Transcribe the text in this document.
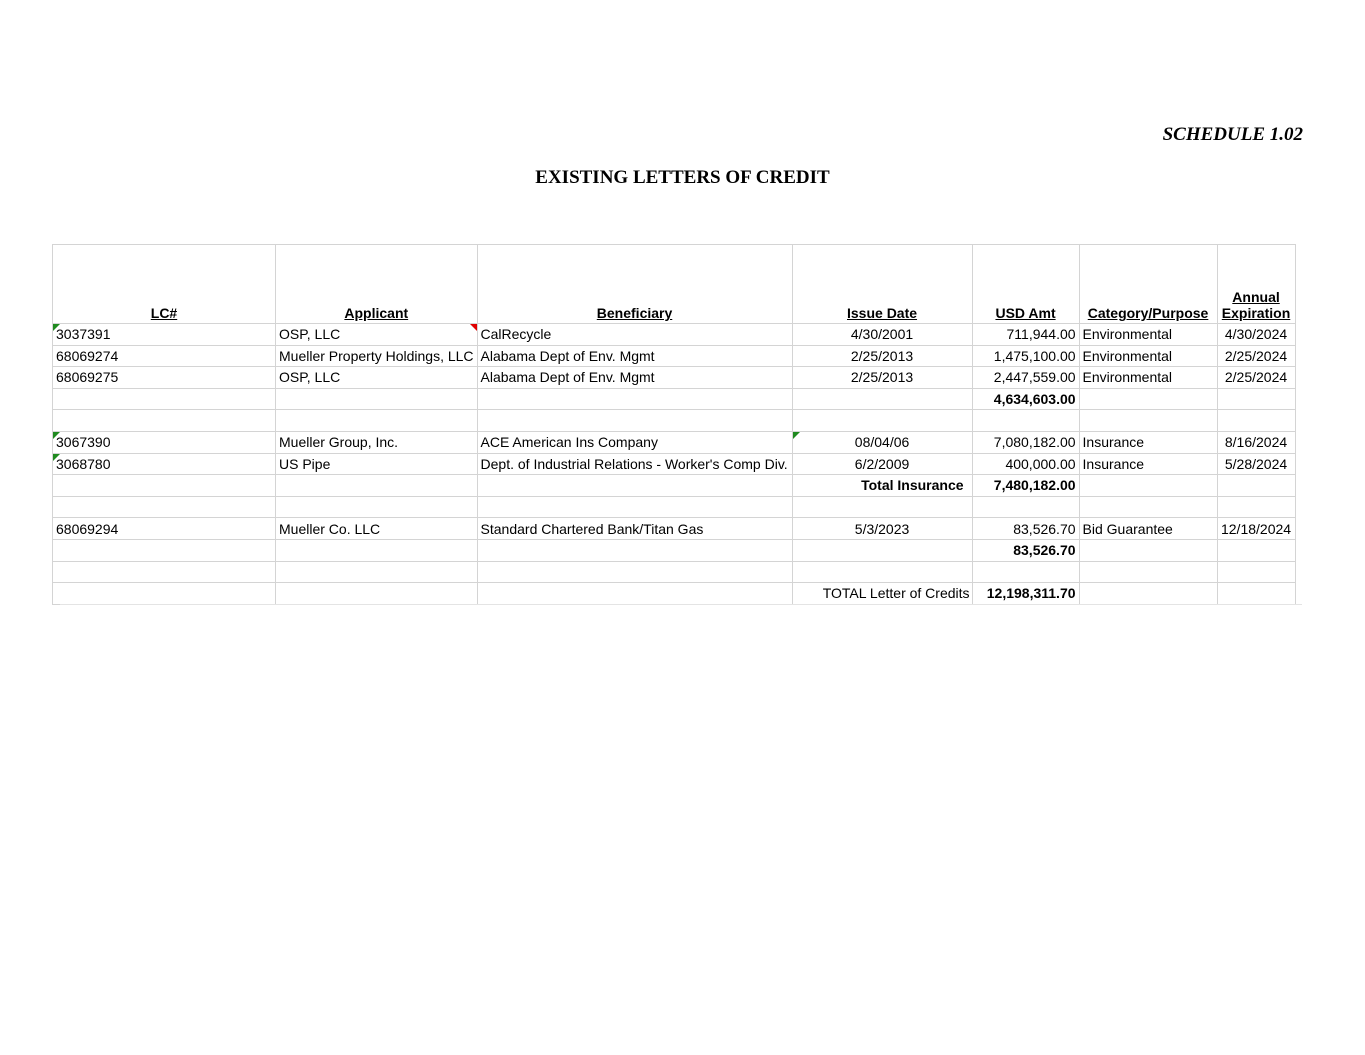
SCHEDULE 1.02
EXISTING LETTERS OF CREDIT
LC#	Applicant	Beneficiary	Issue Date	USD Amt	Category/Purpose	Annual
Expiration

3037391	OSP, LLC	CalRecycle	4/30/2001	711,944.00	Environmental	4/30/2024
68069274	Mueller Property Holdings, LLC	Alabama Dept of Env. Mgmt	2/25/2013	1,475,100.00	Environmental	2/25/2024
68069275	OSP, LLC	Alabama Dept of Env. Mgmt	2/25/2013	2,447,559.00	Environmental	2/25/2024
				4,634,603.00		

3067390	Mueller Group, Inc.	ACE American Ins Company	08/04/06	7,080,182.00	Insurance	8/16/2024

3068780	US Pipe	Dept. of Industrial Relations - Worker's Comp Div.	6/2/2009	400,000.00	Insurance	5/28/2024
			Total Insurance	7,480,182.00		

68069294	Mueller Co. LLC	Standard Chartered Bank/Titan Gas	5/3/2023	83,526.70	Bid Guarantee	12/18/2024
				83,526.70		

			TOTAL Letter of Credits	12,198,311.70		
